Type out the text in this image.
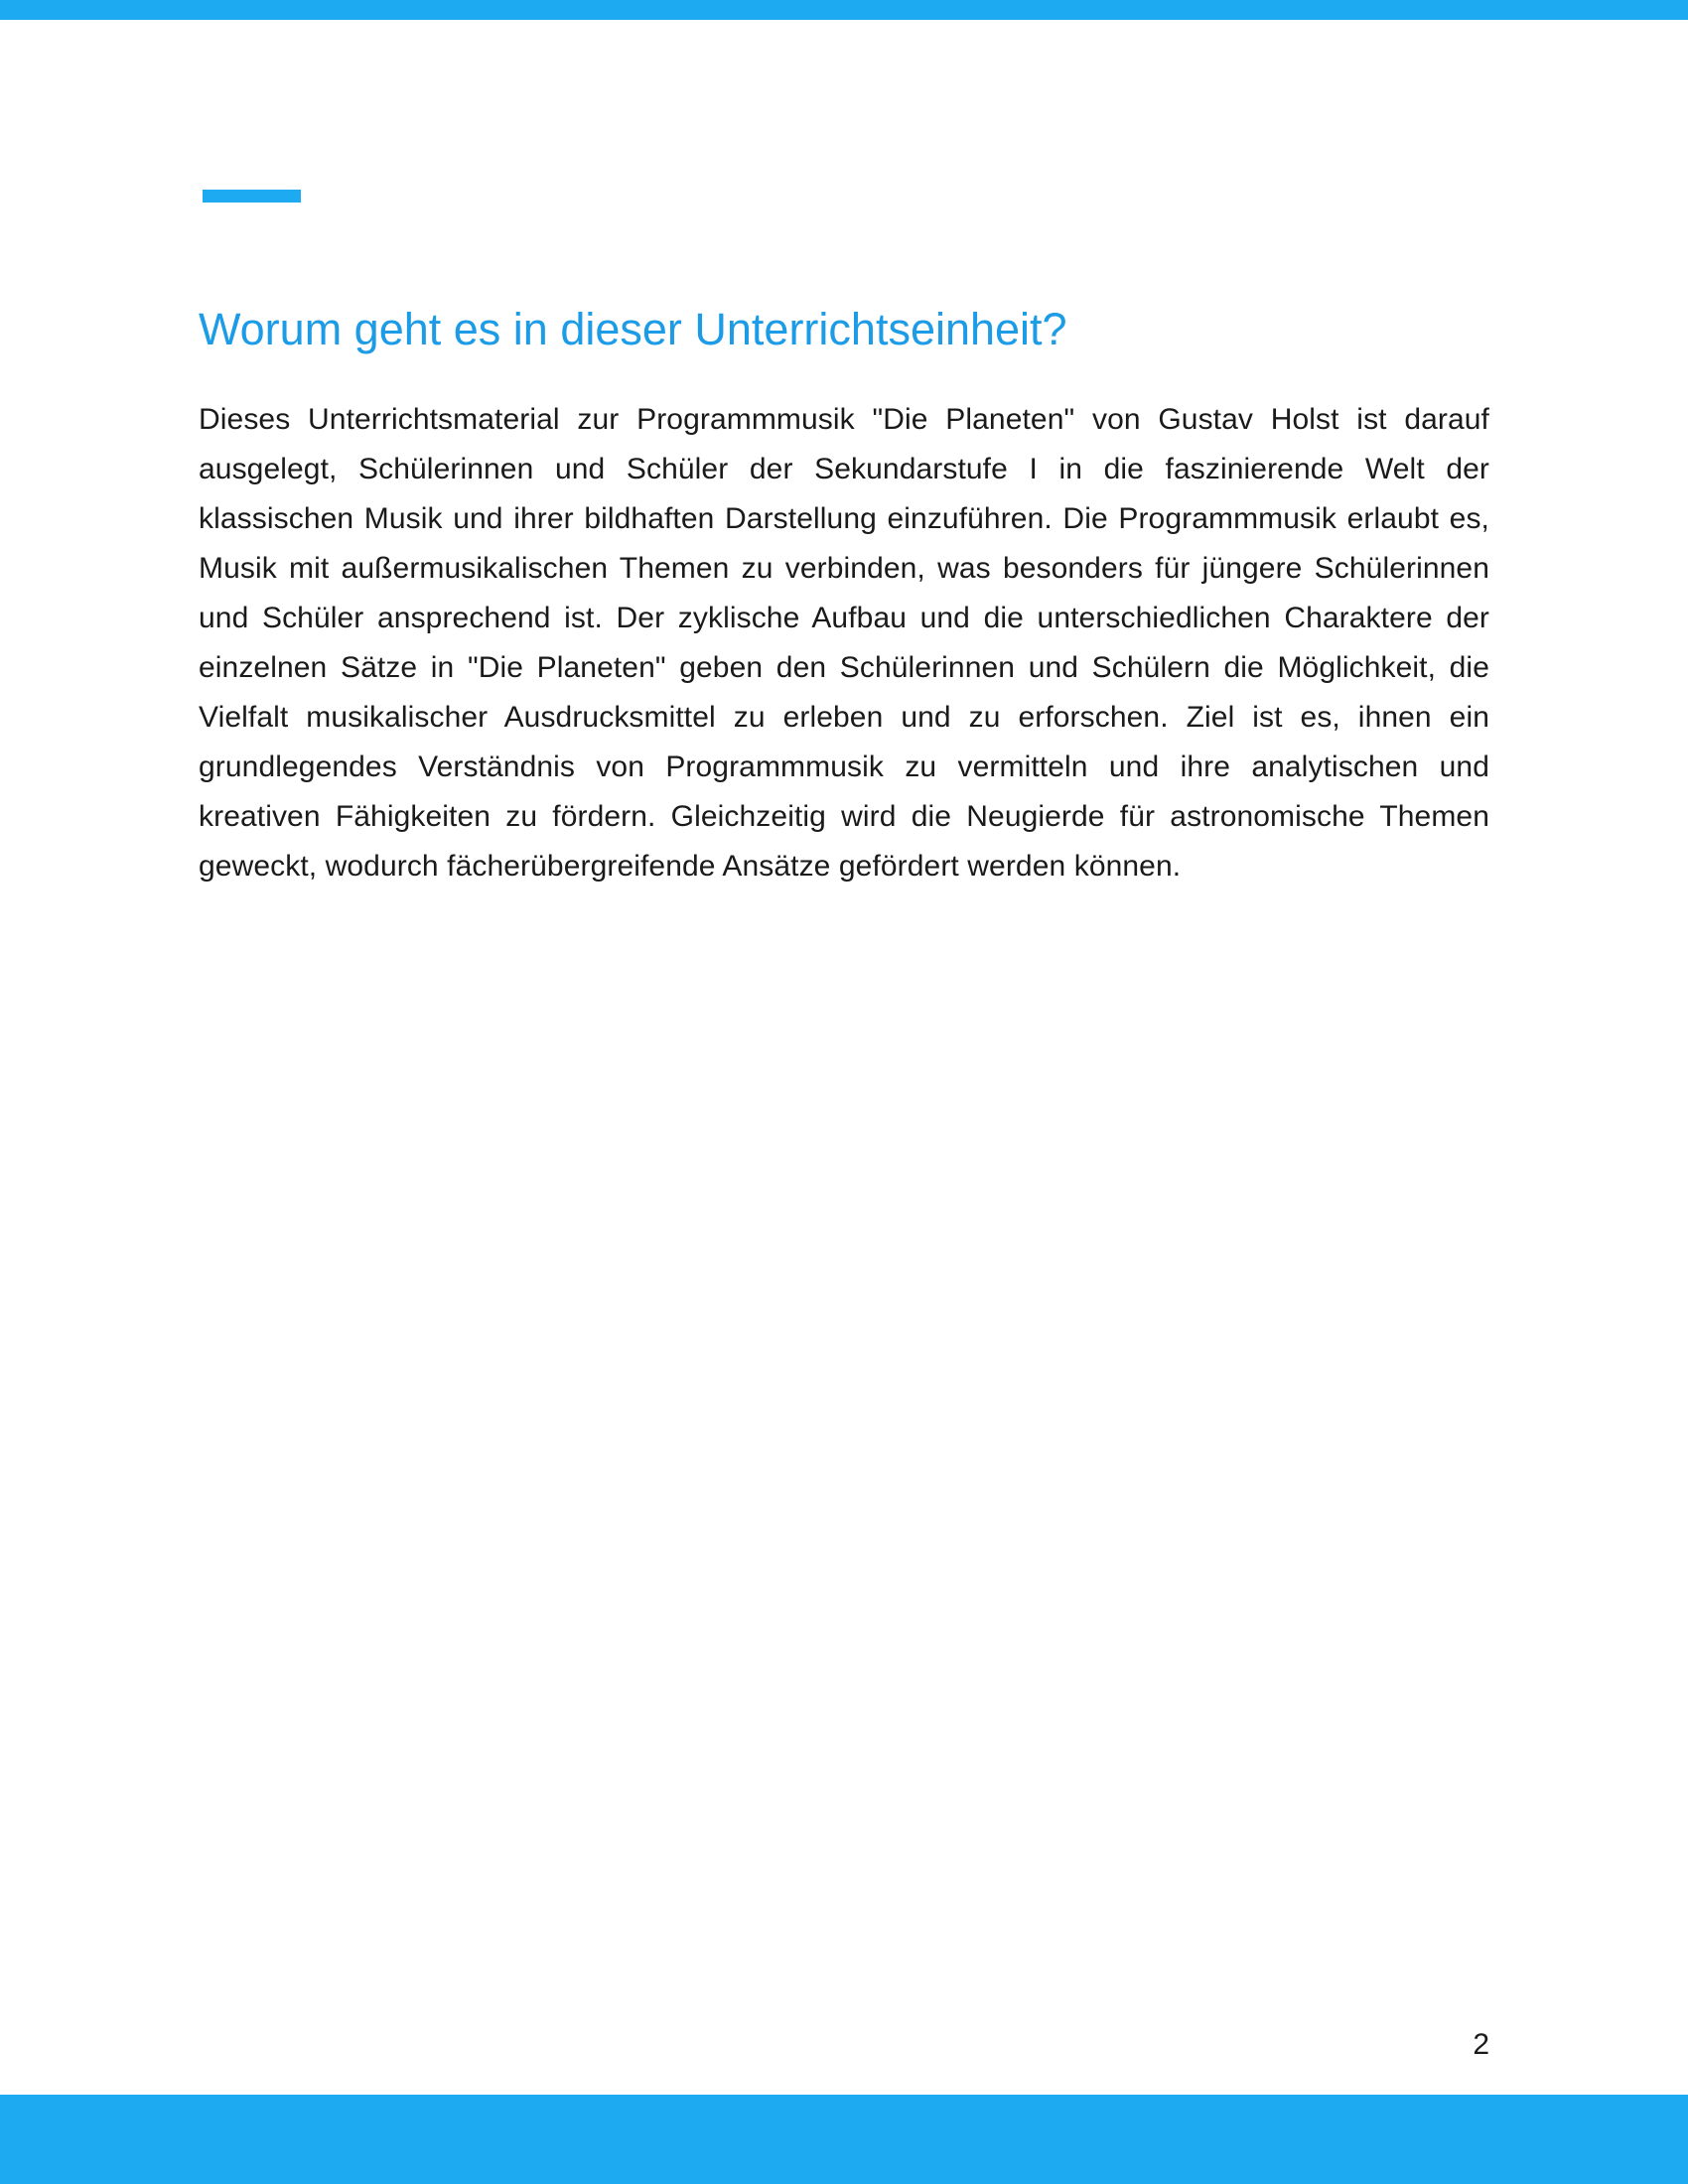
Worum geht es in dieser Unterrichtseinheit?

Dieses Unterrichtsmaterial zur Programmmusik "Die Planeten" von Gustav Holst ist darauf ausgelegt, Schülerinnen und Schüler der Sekundarstufe I in die faszinierende Welt der klassischen Musik und ihrer bildhaften Darstellung einzuführen. Die Programmmusik erlaubt es, Musik mit außermusikalischen Themen zu verbinden, was besonders für jüngere Schülerinnen und Schüler ansprechend ist. Der zyklische Aufbau und die unterschiedlichen Charaktere der einzelnen Sätze in "Die Planeten" geben den Schülerinnen und Schülern die Möglichkeit, die Vielfalt musikalischer Ausdrucksmittel zu erleben und zu erforschen. Ziel ist es, ihnen ein grundlegendes Verständnis von Programmmusik zu vermitteln und ihre analytischen und kreativen Fähigkeiten zu fördern. Gleichzeitig wird die Neugierde für astronomische Themen geweckt, wodurch fächerübergreifende Ansätze gefördert werden können.

2
